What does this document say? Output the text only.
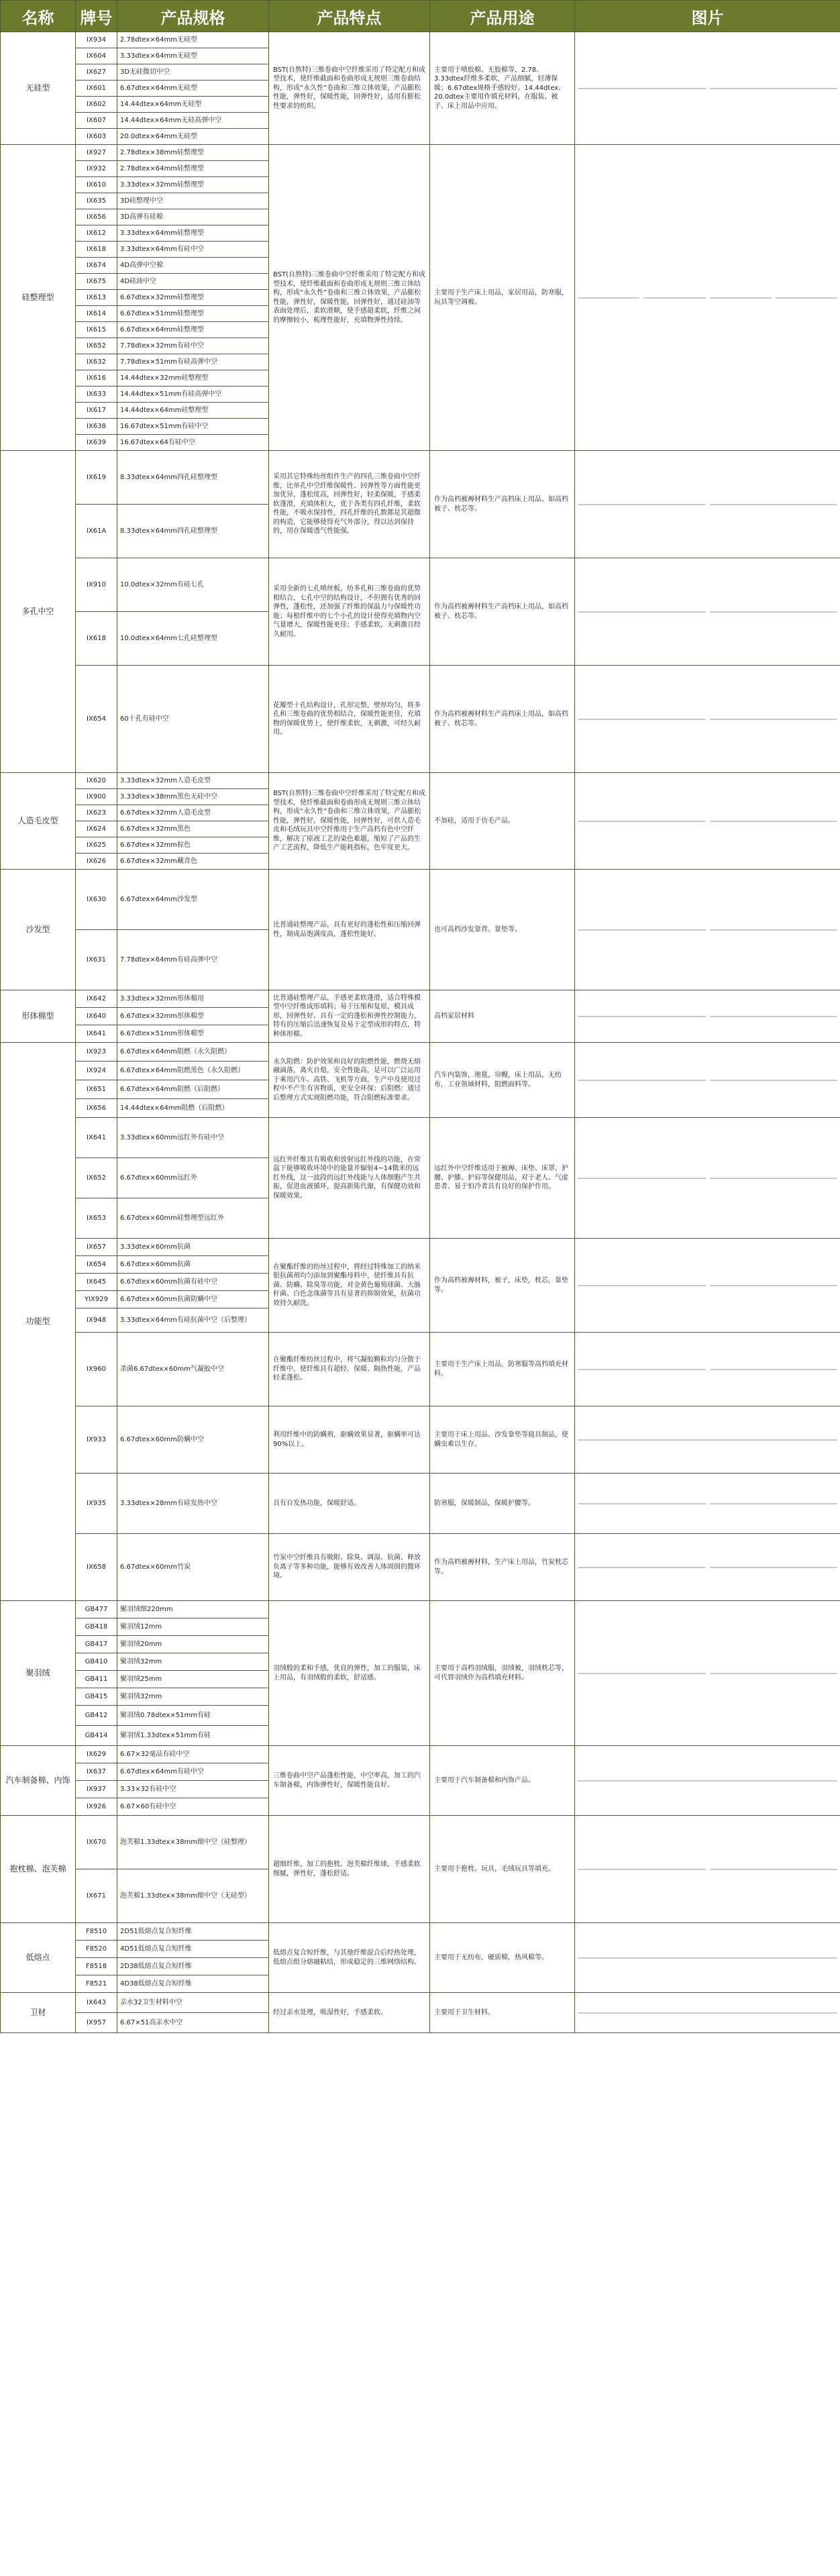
名称	牌号	产品规格	产品特点	产品用途	图片
无硅型	IX934	2.78dtex×64mm无硅型	BST(自熬特)三维卷曲中空纤维采用了特定配方和成型技术，使纤维截面和卷曲形成无规则三维卷曲结构，形成“永久性”卷曲和三维立体效果，产品膨松性能，弹性好，保暖性能，回弹性好，适用有膨松性要求的纺织。	主要用于喷胶棉、无胶棉等，2.78、3.33dtex纤维多柔软，产品细腻，轻薄保暖；6.67dtex规格手感较好。14.44dtex、20.0dtex主要用作填充材料，在服装、被子、床上用品中应用。	

	IX604	3.33dtex×64mm无硅型			
	IX627	3D无硅微切中空			
	IX601	6.67dtex×64mm无硅型			
	IX602	14.44dtex×64mm无硅型			
	IX607	14.44dtex×64mm无硅高弹中空			
	IX603	20.0dtex×64mm无硅型			
硅整理型	IX927	2.78dtex×38mm硅整理型	BST(自熬特)三维卷曲中空纤维采用了特定配方和成型技术，使纤维截面和卷曲形成无规则三维立体结构，形成“永久性”卷曲和三维立体效果，产品膨松性能，弹性好，保暖性能，回弹性好，通过硅油等表面处理后，柔软滑顺，使手感超柔软，纤维之间的摩擦较小，梳理性能好，充填物弹性持续。	主要用于生产床上用品，家居用品，防寒服，玩具等空调被。	

	IX932	2.78dtex×64mm硅整理型			
	IX610	3.33dtex×32mm硅整理型			
	IX635	3D硅整理中空			
	IX656	3D高弹有硅棉			
	IX612	3.33dtex×64mm硅整理型			
	IX618	3.33dtex×64mm有硅中空			
	IX674	4D高弹中空棉			
	IX675	4D硅油中空			
	IX613	6.67dtex×32mm硅整理型			
	IX614	6.67dtex×51mm硅整理型			
	IX615	6.67dtex×64mm硅整理型			
	IX652	7.78dtex×32mm有硅中空			
	IX632	7.78dtex×51mm有硅高弹中空			
	IX616	14.44dtex×32mm硅整理型			
	IX633	14.44dtex×51mm有硅高弹中空			
	IX617	14.44dtex×64mm硅整理型			
	IX638	16.67dtex×51mm有硅中空			
	IX639	16.67dtex×64有硅中空			
多孔中空	IX619	8.33dtex×64mm四孔硅整理型	采用其它特殊纺丝组件生产的四孔三维卷曲中空纤维，比单孔中空纤维保暖性、回弹性等方面性能更加优异，蓬松度高，回弹性好，轻柔保暖，手感柔软蓬滑，充填体积大，优于各类有四孔纤维，柔软性能，不吸水保持性，四孔纤维的孔数都是其超微的构造，它能够使得充气外部分，得以达到保持的，用在保暖透气性能强。	作为高档被褥材料生产高档床上用品、如高档被子、枕芯等。	

	IX61A	8.33dtex×64mm四孔硅整理型			
	IX910	10.0dtex×32mm有硅七孔	采用全新的七孔喷丝板，纺多孔和三维卷曲的优势相结合，七孔中空的结构设计，不但拥有优秀的回弹性，蓬松性，还加强了纤维的保温力与保暖性功能；每根纤维中的七个小孔的设计使得充填物内空气量增大，保暖性能更佳；手感柔软，无刺激且经久耐用。	作为高档被褥材料生产高档床上用品，如高档被子、枕芯等。	

	IX618	10.0dtex×64mm七孔硅整理型			
	IX654	60十孔有硅中空	花瓣型十孔结构设计，孔形完整，壁厚均匀，将多孔和三维卷曲的优势相结合，保暖性能更佳，充填物的保暖优势上，使纤维柔软，无刺激，可经久耐用。	作为高档被褥材料生产高档床上用品，如高档被子、枕芯等。	

人造毛皮型	IX620	3.33dtex×32mm人造毛皮型	BST(自熬特)三维卷曲中空纤维采用了特定配方和成型技术，使纤维截面和卷曲形成无规则三维立体结构，形成“永久性”卷曲和三维立体效果，产品膨松性能，弹性好，保暖性能，回弹性好，可供人造毛皮和毛绒玩具中空纤维用于生产高档有色中空纤维，解决了原液工艺的染色难题，缩短了产品的生产工艺流程，降低生产能耗指标，色牢度更大。	不加硅，适用于仿毛产品。	

	IX900	3.33dtex×38mm黑色无硅中空			
	IX623	6.67dtex×32mm人造毛皮型			
	IX624	6.67dtex×32mm黑色			
	IX625	6.67dtex×32mm棕色			
	IX626	6.67dtex×32mm藏青色			
沙发型	IX630	6.67dtex×64mm沙发型	比普通硅整理产品，具有更好的蓬松性和压缩回弹性，制成品饱满度高，蓬松性能好。	也可高档沙发靠背、靠垫等。	

	IX631	7.78dtex×64mm有硅高弹中空			
形体棉型	IX642	3.33dtex×32mm形体棉用	比普通硅整理产品，手感更柔软蓬滑，适合特殊模型中空纤维成形填料；易于压缩和复原，模具成形，回弹性好、具有一定的蓬松和弹性控制能力，特有的压缩后迅速恢复及易于定型成形的特点，特种体形棉。	高档家居材料	

	IX640	6.67dtex×32mm形体棉型			
	IX641	6.67dtex×51mm形体棉型			
功能型	IX923	6.67dtex×64mm阻燃（永久阻燃）	永久阻燃：防护效果和良好的阻燃性能，燃烧无熔融滴落，离火自熄，安全性能高，是可以广泛运用于乘用汽车、高铁、飞机等方面，生产中及使用过程中不产生有害物质，更安全环保；后阻燃：通过后整理方式实现阻燃功能，符合阻燃标准要求。	汽车内装饰，地毯，帘幔，床上用品，无纺布，工业领域材料，阻燃面料等。	

	IX924	6.67dtex×64mm阻燃黑色（永久阻燃）			
	IX651	6.67dtex×64mm阻燃（后阻燃）			
	IX656	14.44dtex×64mm阻燃（后阻燃）			
	IX641	3.33dtex×60mm远红外有硅中空	远红外纤维具有吸收和放射远红外线的功能，在常温下能够吸收环境中的能量并辐射4~14微米的远红外线，这一波段的远红外线能与人体细胞产生共振，促进血液循环，提高新陈代谢，有保健功效和保暖效果。	远红外中空纤维适用于被褥、床垫、床罩、护腰、护膝、护肩等保健用品，对于老人、气虚患者、易于怕冷者具有良好的保护作用。	

	IX652	6.67dtex×60mm远红外			
	IX653	6.67dtex×60mm硅整理型远红外			
	IX657	3.33dtex×60mm抗菌	在聚酯纤维的纺丝过程中，将经过特殊加工的纳米银抗菌剂均匀添加到聚酯母料中，使纤维具有抗菌、防螨、除臭等功能，对金黄色葡萄球菌、大肠杆菌、白色念珠菌等具有显著的抑制效果，抗菌功效持久耐洗。	作为高档被褥材料，被子，床垫，枕芯，靠垫等。	

	IX654	6.67dtex×60mm抗菌			
	IX645	6.67dtex×60mm抗菌有硅中空			
	YIX929	6.67dtex×60mm抗菌防螨中空			
	IX948	3.33dtex×64mm有硅抗菌中空（后整理）			
	IX960	杀菌6.67dtex×60mm气凝胶中空	在聚酯纤维纺丝过程中，将气凝胶颗粒均匀分散于纤维中，使纤维具有超轻、保暖、隔热性能，产品轻柔蓬松。	主要用于生产床上用品，防寒服等高档填充材料。	

	IX933	6.67dtex×60mm防螨中空	利用纤维中的防螨剂，驱螨效果显著，驱螨率可达90%以上。	主要用于床上用品、沙发靠垫等寝具制品，使螨虫难以生存。	

	IX935	3.33dtex×28mm有硅发热中空	具有自发热功能，保暖舒适。	防寒服，保暖制品，保暖护腰等。	

	IX658	6.67dtex×60mm竹炭	竹炭中空纤维具有吸附、除臭、调湿、抗菌、释放负离子等多种功能，能够有效改善人体周围的微环境。	作为高档被褥材料，生产床上用品，竹炭枕芯等。	

聚羽绒	GB477	聚羽绒细220mm	羽绒般的柔和手感，优良的弹性，加工的服装，床上用品，有羽绒般的柔软，舒适感。	主要用于高档羽绒服，羽绒被，羽绒枕芯等，可代替羽绒作为高档填充材料。	

	GB418	聚羽绒12mm			
	GB417	聚羽绒20mm			
	GB410	聚羽绒32mm			
	GB411	聚羽绒25mm			
	GB415	聚羽绒32mm			
	GB412	聚羽绒0.78dtex×51mm有硅			
	GB414	聚羽绒1.33dtex×51mm有硅			
汽车制备棉、内饰	IX629	6.67×32毫品有硅中空	三维卷曲中空产品蓬松性能，中空率高，加工的汽车制备棉，内饰弹性好，保暖性能良好。	主要用于汽车制备棉和内饰产品。	

	IX637	6.67dtex×64mm有硅中空			
	IX937	3.33×32有硅中空			
	IX926	6.67×60有硅中空			
抱枕棉、泡芙棉	IX670	泡芙棉1.33dtex×38mm细中空（硅整理）	超细纤维，加工的抱枕、泡芙棉纤维球，手感柔软细腻，弹性好，蓬松舒适。	主要用于抱枕、玩具，毛绒玩具等填充。	

	IX671	泡芙棉1.33dtex×38mm细中空（无硅型）			
低熔点	F8510	2D51低熔点复合短纤维	低熔点复合短纤维，与其他纤维混合后经热处理，低熔点组分熔融粘结，形成稳定的三维网络结构。	主要用于无纺布，硬质棉，热风棉等。	

	F8520	4D51低熔点复合短纤维			
	F8518	2D38低熔点复合短纤维			
	F8521	4D38低熔点复合短纤维			
卫材	IX643	亲水32卫生材料中空	经过亲水处理，吸湿性好，手感柔软。	主要用于卫生材料。	

	IX957	6.67×51高亲水中空			
